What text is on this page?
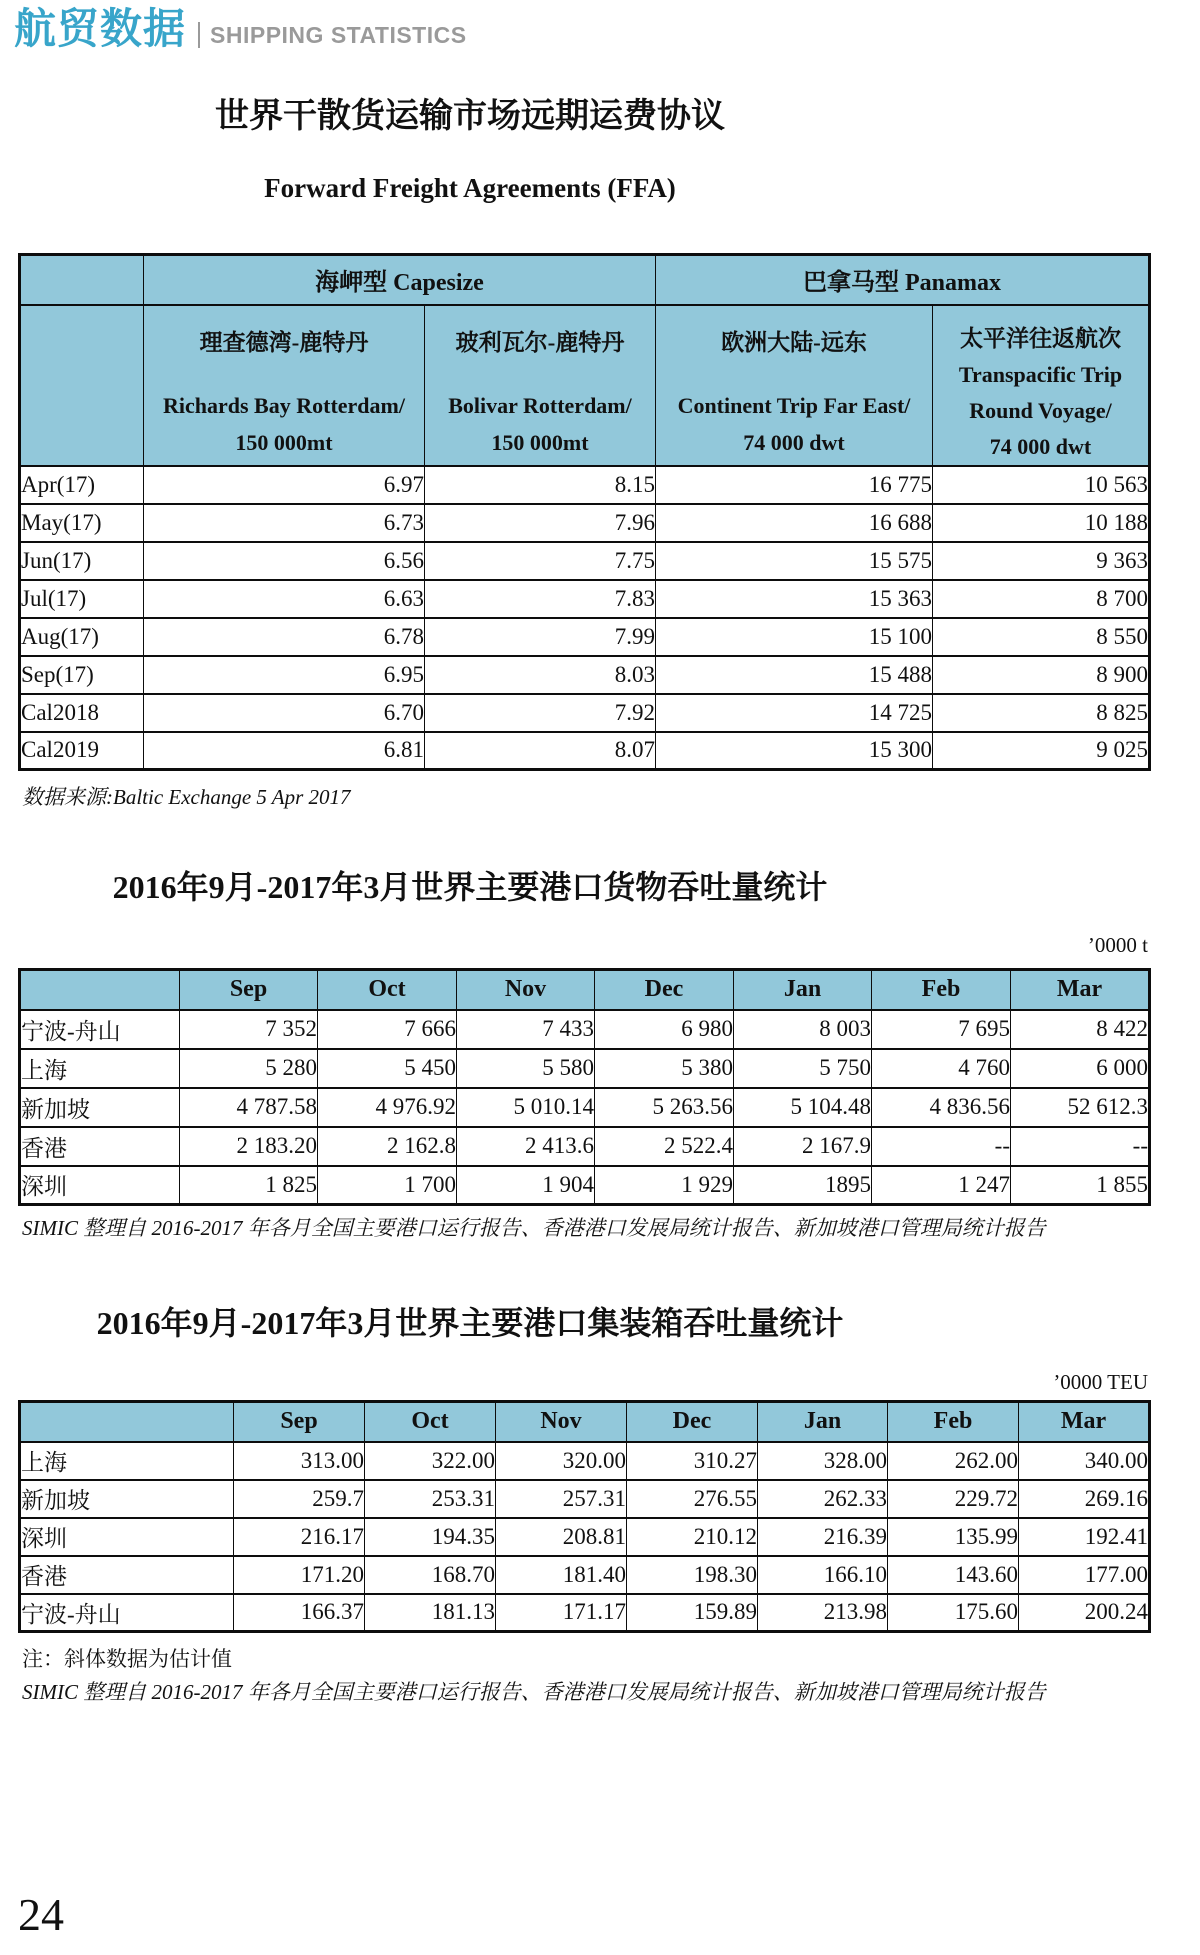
航贸数据 SHIPPING STATISTICS
世界干散货运输市场远期运费协议
Forward Freight Agreements (FFA)
	海岬型 Capesize		巴拿马型 Panamax	

	理查德湾-鹿特丹
Richards Bay Rotterdam/
150 000mt	玻利瓦尔-鹿特丹
Bolivar Rotterdam/
150 000mt	欧洲大陆-远东
Continent Trip Far East/
74 000 dwt	太平洋往返航次
Transpacific Trip
Round Voyage/
74 000 dwt

Apr(17)	6.97	8.15	16 775	10 563
May(17)	6.73	7.96	16 688	10 188
Jun(17)	6.56	7.75	15 575	9 363
Jul(17)	6.63	7.83	15 363	8 700
Aug(17)	6.78	7.99	15 100	8 550
Sep(17)	6.95	8.03	15 488	8 900
Cal2018	6.70	7.92	14 725	8 825
Cal2019	6.81	8.07	15 300	9 025
数据来源:Baltic Exchange 5 Apr 2017
2016年9月-2017年3月世界主要港口货物吞吐量统计
’0000 t
	Sep	Oct	Nov	Dec	Jan	Feb	Mar
宁波-舟山	7 352	7 666	7 433	6 980	8 003	7 695	8 422
上海	5 280	5 450	5 580	5 380	5 750	4 760	6 000
新加坡	4 787.58	4 976.92	5 010.14	5 263.56	5 104.48	4 836.56	52 612.3
香港	2 183.20	2 162.8	2 413.6	2 522.4	2 167.9	--	--
深圳	1 825	1 700	1 904	1 929	1895	1 247	1 855
SIMIC 整理自 2016-2017 年各月全国主要港口运行报告、香港港口发展局统计报告、新加坡港口管理局统计报告
2016年9月-2017年3月世界主要港口集装箱吞吐量统计
’0000 TEU
	Sep	Oct	Nov	Dec	Jan	Feb	Mar
上海	313.00	322.00	320.00	310.27	328.00	262.00	340.00
新加坡	259.7	253.31	257.31	276.55	262.33	229.72	269.16
深圳	216.17	194.35	208.81	210.12	216.39	135.99	192.41
香港	171.20	168.70	181.40	198.30	166.10	143.60	177.00
宁波-舟山	166.37	181.13	171.17	159.89	213.98	175.60	200.24
注：斜体数据为估计值
SIMIC 整理自 2016-2017 年各月全国主要港口运行报告、香港港口发展局统计报告、新加坡港口管理局统计报告
24
